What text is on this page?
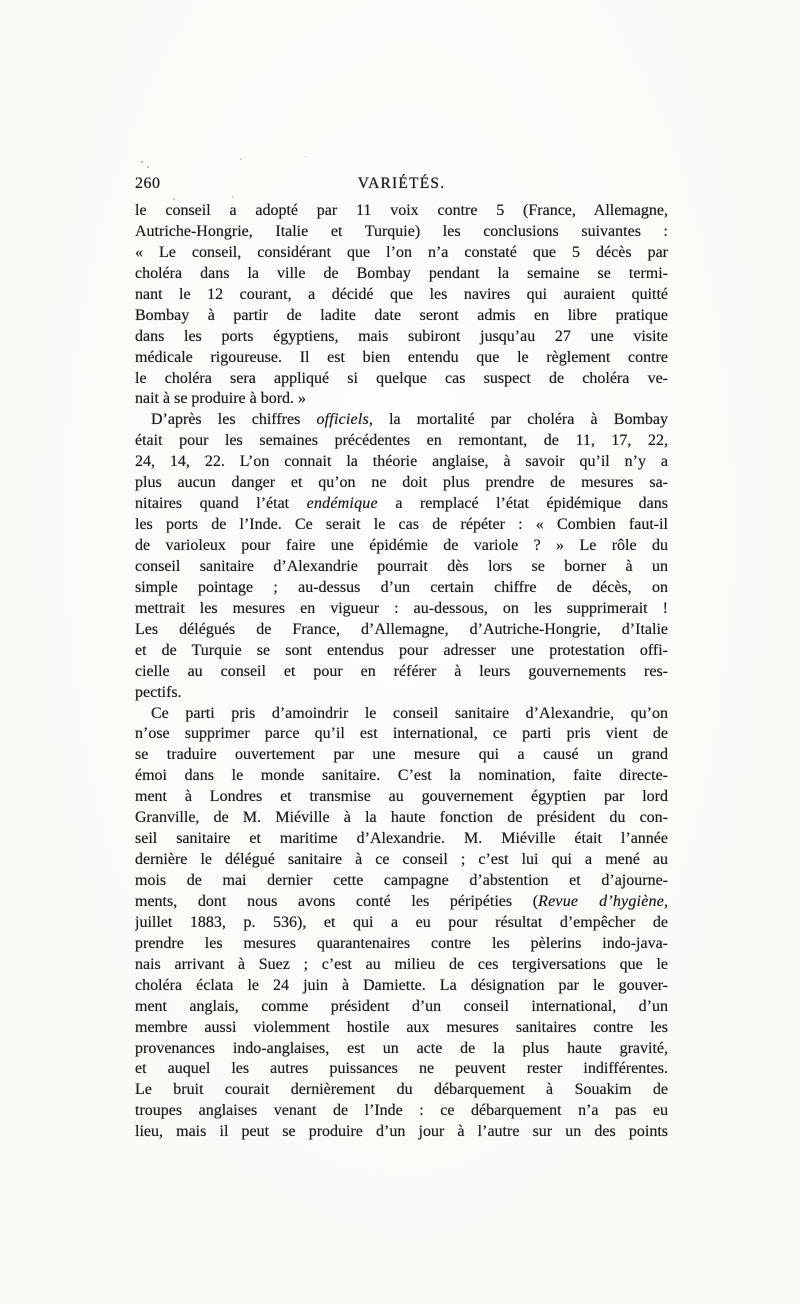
260	VARIÉTÉS.
le conseil a adopté par 11 voix contre 5 (France, Allemagne,
Autriche-Hongrie, Italie et Turquie) les conclusions suivantes :
« Le conseil, considérant que l’on n’a constaté que 5 décès par
choléra dans la ville de Bombay pendant la semaine se termi-
nant le 12 courant, a décidé que les navires qui auraient quitté
Bombay à partir de ladite date seront admis en libre pratique
dans les ports égyptiens, mais subiront jusqu’au 27 une visite
médicale rigoureuse. Il est bien entendu que le règlement contre
le choléra sera appliqué si quelque cas suspect de choléra ve-
nait à se produire à bord. »
D’après les chiffres officiels, la mortalité par choléra à Bombay
était pour les semaines précédentes en remontant, de 11, 17, 22,
24, 14, 22. L’on connait la théorie anglaise, à savoir qu’il n’y a
plus aucun danger et qu’on ne doit plus prendre de mesures sa-
nitaires quand l’état endémique a remplacé l’état épidémique dans
les ports de l’Inde. Ce serait le cas de répéter : « Combien faut-il
de varioleux pour faire une épidémie de variole ? » Le rôle du
conseil sanitaire d’Alexandrie pourrait dès lors se borner à un
simple pointage ; au-dessus d’un certain chiffre de décès, on
mettrait les mesures en vigueur : au-dessous, on les supprimerait !
Les délégués de France, d’Allemagne, d’Autriche-Hongrie, d’Italie
et de Turquie se sont entendus pour adresser une protestation offi-
cielle au conseil et pour en référer à leurs gouvernements res-
pectifs.
Ce parti pris d’amoindrir le conseil sanitaire d’Alexandrie, qu’on
n’ose supprimer parce qu’il est international, ce parti pris vient de
se traduire ouvertement par une mesure qui a causé un grand
émoi dans le monde sanitaire. C’est la nomination, faite directe-
ment à Londres et transmise au gouvernement égyptien par lord
Granville, de M. Miéville à la haute fonction de président du con-
seil sanitaire et maritime d’Alexandrie. M. Miéville était l’année
dernière le délégué sanitaire à ce conseil ; c’est lui qui a mené au
mois de mai dernier cette campagne d’abstention et d’ajourne-
ments, dont nous avons conté les péripéties (Revue d’hygiène,
juillet 1883, p. 536), et qui a eu pour résultat d’empêcher de
prendre les mesures quarantenaires contre les pèlerins indo-java-
nais arrivant à Suez ; c’est au milieu de ces tergiversations que le
choléra éclata le 24 juin à Damiette. La désignation par le gouver-
ment anglais, comme président d’un conseil international, d’un
membre aussi violemment hostile aux mesures sanitaires contre les
provenances indo-anglaises, est un acte de la plus haute gravité,
et auquel les autres puissances ne peuvent rester indifférentes.
Le bruit courait dernièrement du débarquement à Souakim de
troupes anglaises venant de l’Inde : ce débarquement n’a pas eu
lieu, mais il peut se produire d’un jour à l’autre sur un des points
